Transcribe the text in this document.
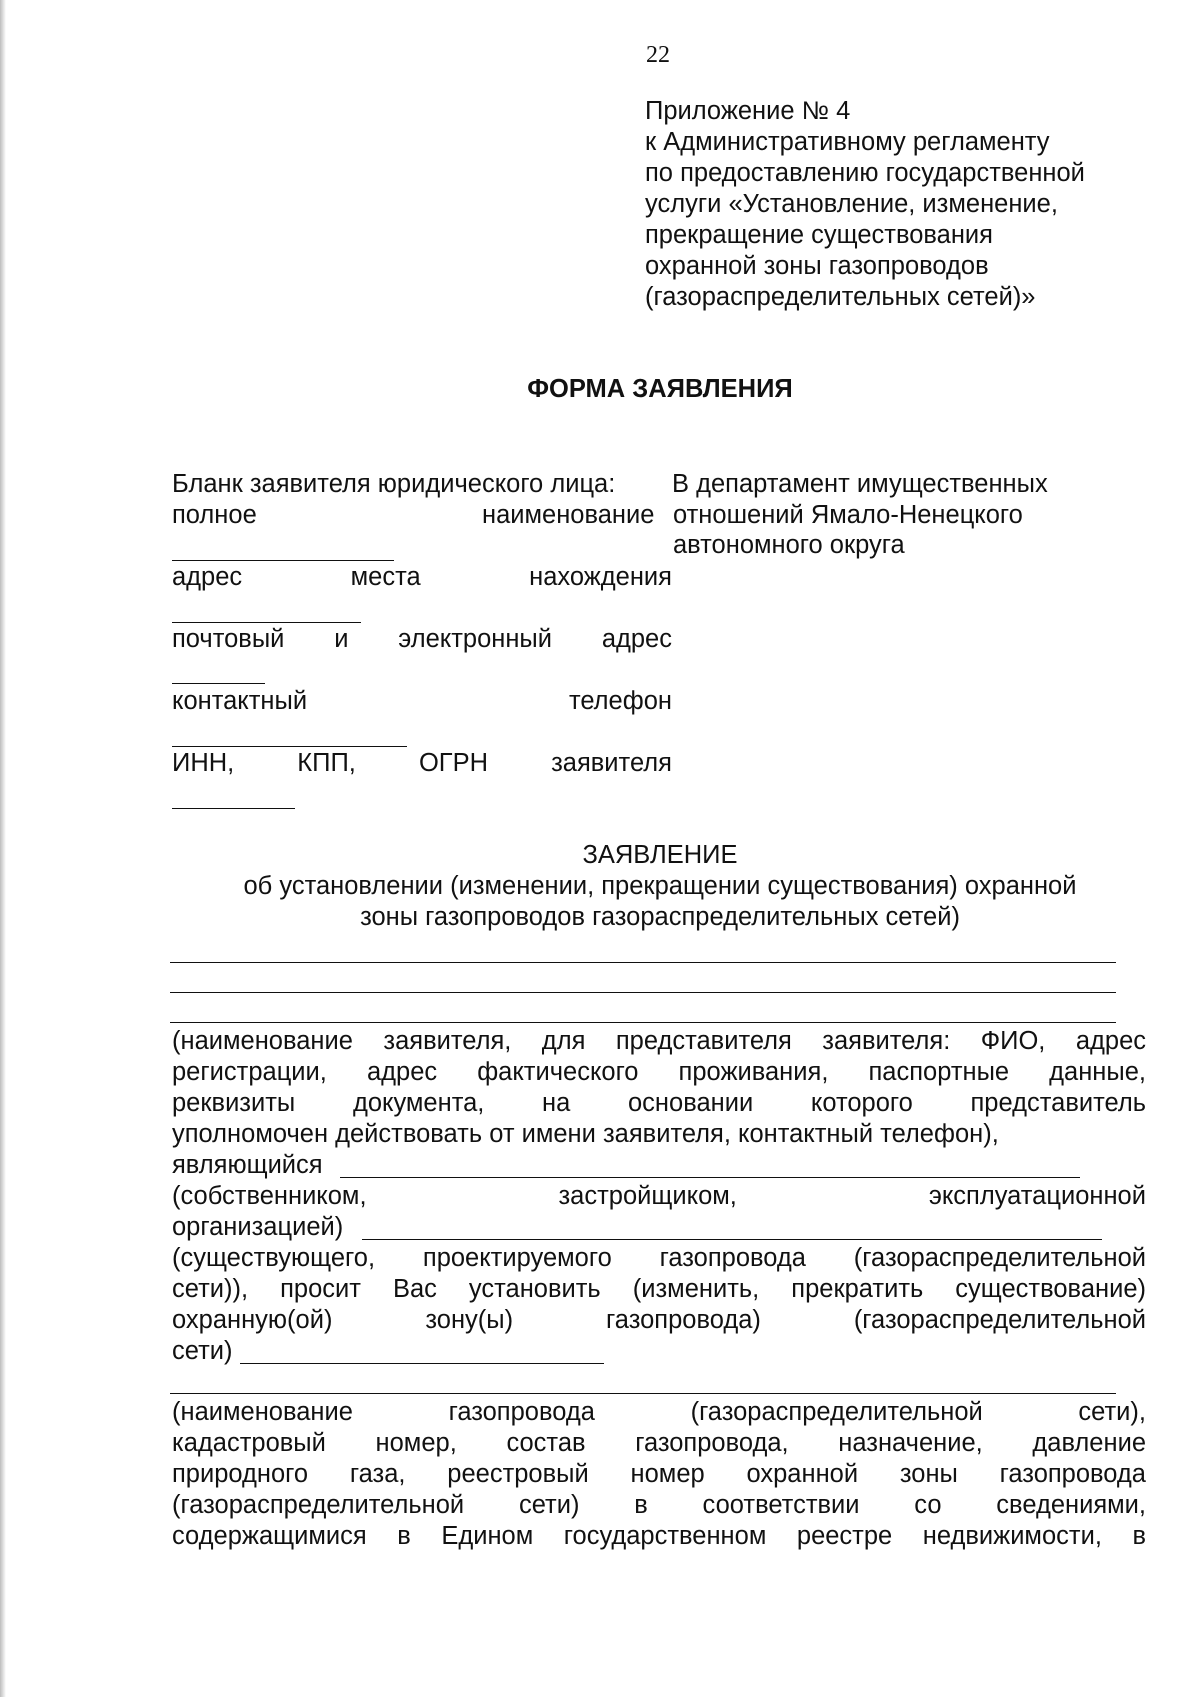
22
Приложение № 4
к Административному регламенту
по предоставлению государственной
услуги «Установление, изменение,
прекращение существования
охранной зоны газопроводов
(газораспределительных сетей)»
ФОРМА ЗАЯВЛЕНИЯ
Бланк заявителя юридического лица: В департамент имущественных
полное	наименование отношений Ямало-Ненецкого
автономного округа
адрес	места	нахождения
почтовый и электронный адрес
контактный	телефон
ИНН, КПП, ОГРН заявителя
ЗАЯВЛЕНИЕ
об установлении (изменении, прекращении существования) охранной
зоны газопроводов газораспределительных сетей)
(наименование заявителя, для представителя заявителя: ФИО, адрес
регистрации, адрес фактического проживания, паспортные данные,
реквизиты документа, на основании которого представитель
уполномочен действовать от имени заявителя, контактный телефон),
являющийся
(собственником, застройщиком, эксплуатационной
организацией)
(существующего, проектируемого газопровода (газораспределительной
сети)), просит Вас установить (изменить, прекратить существование)
охранную(ой) зону(ы) газопровода) (газораспределительной
сети)
(наименование газопровода (газораспределительной сети),
кадастровый номер, состав газопровода, назначение, давление
природного газа, реестровый номер охранной зоны газопровода
(газораспределительной сети) в соответствии со сведениями,
содержащимися в Едином государственном реестре недвижимости, в
